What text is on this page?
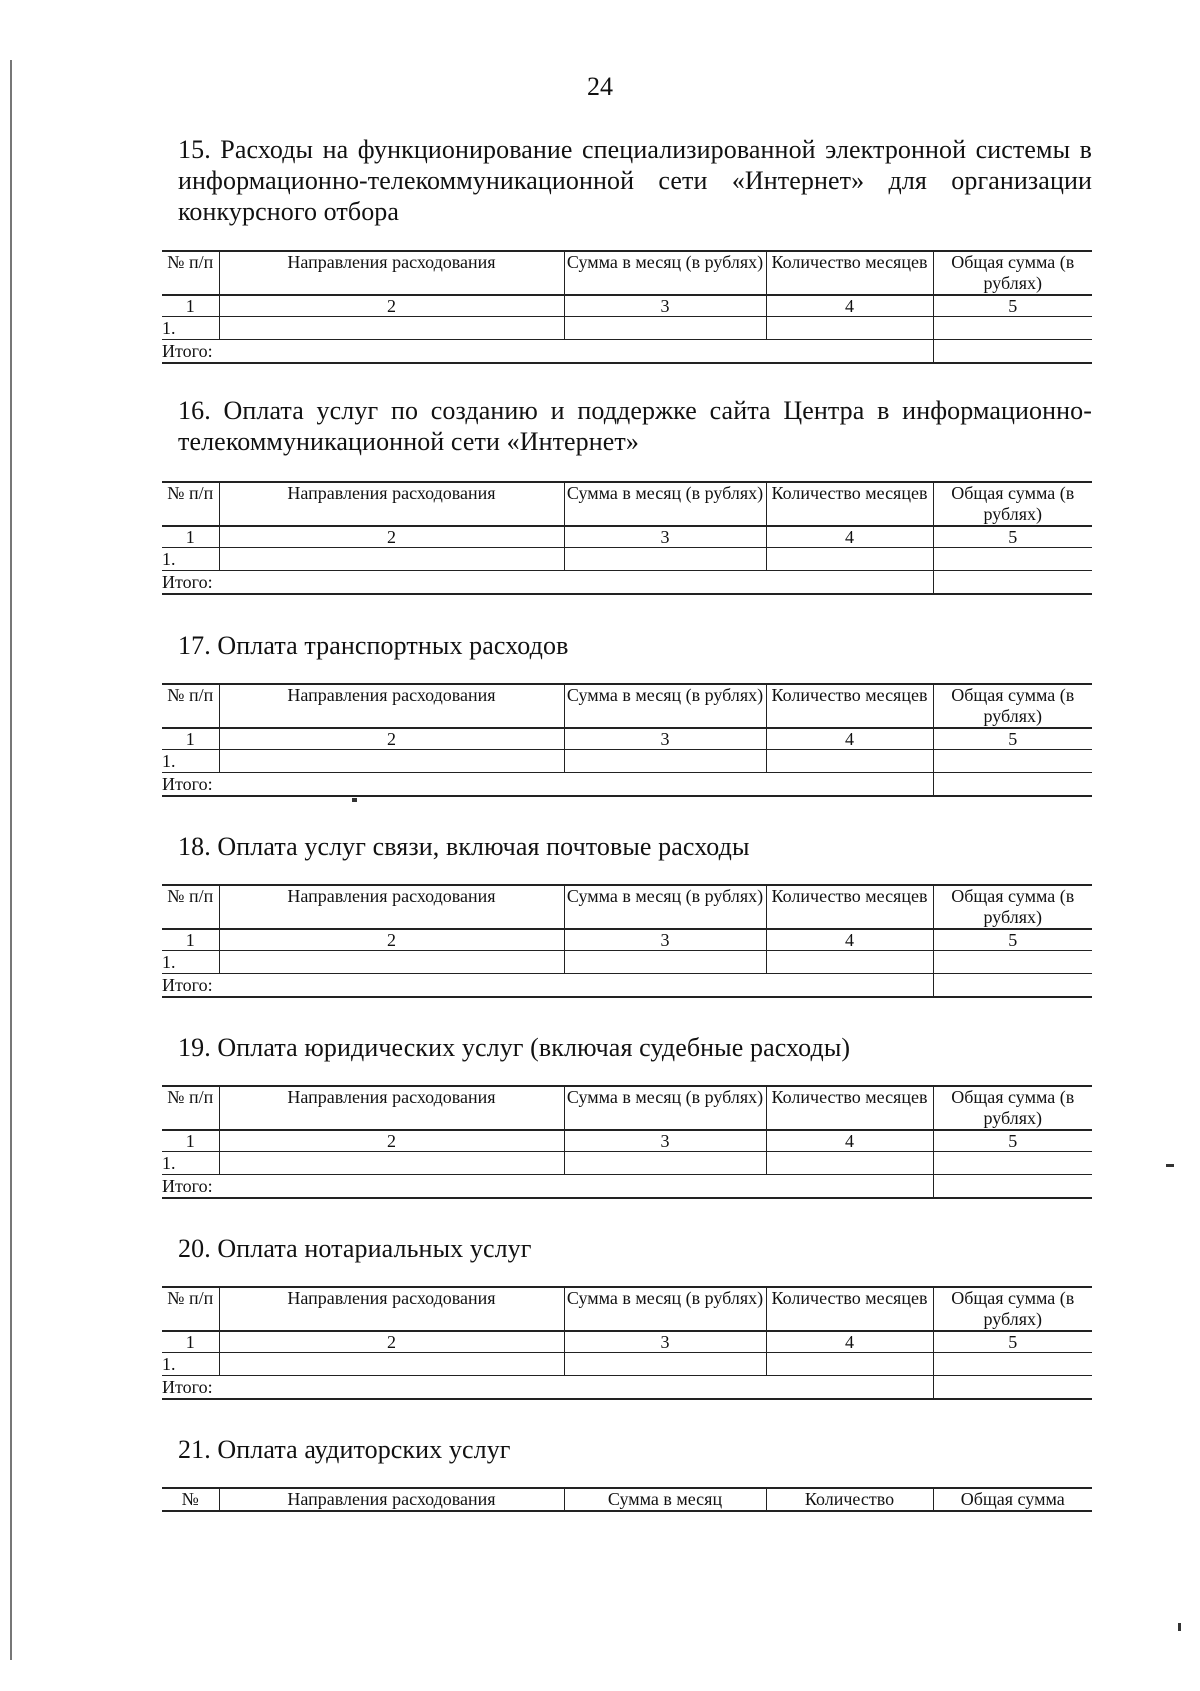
24
15. Расходы на функционирование специализированной электронной системы в информационно-телекоммуникационной сети «Интернет» для организации конкурсного отбора
№ п/п	Направления расходования	Сумма в месяц (в рублях)	Количество месяцев	Общая сумма (в рублях)
1	2	3	4	5
1.				
Итого:				
16. Оплата услуг по созданию и поддержке сайта Центра в информационно-телекоммуникационной сети «Интернет»
№ п/п	Направления расходования	Сумма в месяц (в рублях)	Количество месяцев	Общая сумма (в рублях)
1	2	3	4	5
1.				
Итого:				
17. Оплата транспортных расходов
№ п/п	Направления расходования	Сумма в месяц (в рублях)	Количество месяцев	Общая сумма (в рублях)
1	2	3	4	5
1.				
Итого:				
18. Оплата услуг связи, включая почтовые расходы
№ п/п	Направления расходования	Сумма в месяц (в рублях)	Количество месяцев	Общая сумма (в рублях)
1	2	3	4	5
1.				
Итого:				
19. Оплата юридических услуг (включая судебные расходы)
№ п/п	Направления расходования	Сумма в месяц (в рублях)	Количество месяцев	Общая сумма (в рублях)
1	2	3	4	5
1.				
Итого:				
20. Оплата нотариальных услуг
№ п/п	Направления расходования	Сумма в месяц (в рублях)	Количество месяцев	Общая сумма (в рублях)
1	2	3	4	5
1.				
Итого:				
21. Оплата аудиторских услуг
№	Направления расходования	Сумма в месяц	Количество	Общая сумма
